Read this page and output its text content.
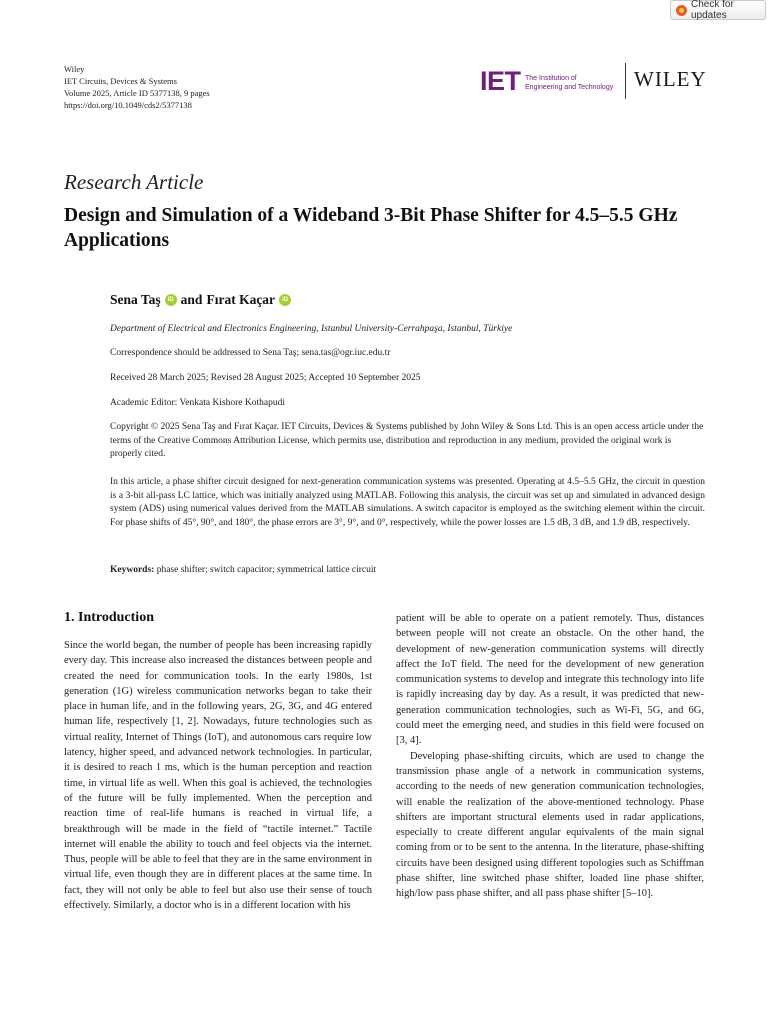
Check for updates
Wiley
IET Circuits, Devices & Systems
Volume 2025, Article ID 5377138, 9 pages
https://doi.org/10.1049/cds2/5377138
IET The Institution of
Engineering and Technology WILEY
Research Article
Design and Simulation of a Wideband 3-Bit Phase Shifter for 4.5–5.5 GHz Applications
Sena Taş	iD and Fırat Kaçar	iD
Department of Electrical and Electronics Engineering, Istanbul University-Cerrahpaşa, Istanbul, Türkiye
Correspondence should be addressed to Sena Taş; sena.tas@ogr.iuc.edu.tr
Received 28 March 2025; Revised 28 August 2025; Accepted 10 September 2025
Academic Editor: Venkata Kishore Kothapudi
Copyright © 2025 Sena Taş and Fırat Kaçar. IET Circuits, Devices & Systems published by John Wiley & Sons Ltd. This is an open access article under the terms of the Creative Commons Attribution License, which permits use, distribution and reproduction in any medium, provided the original work is properly cited.
In this article, a phase shifter circuit designed for next-generation communication systems was presented. Operating at 4.5–5.5 GHz, the circuit in question is a 3-bit all-pass LC lattice, which was initially analyzed using MATLAB. Following this analysis, the circuit was set up and simulated in advanced design system (ADS) using numerical values derived from the MATLAB simulations. A switch capacitor is employed as the switching element within the circuit. For phase shifts of 45°, 90°, and 180°, the phase errors are 3°, 9°, and 0°, respectively, while the power losses are 1.5 dB, 3 dB, and 1.9 dB, respectively.
Keywords: phase shifter; switch capacitor; symmetrical lattice circuit
1. Introduction

Since the world began, the number of people has been increasing rapidly every day. This increase also increased the distances between people and created the need for communication tools. In the early 1980s, 1st generation (1G) wireless communication networks began to take their place in human life, and in the following years, 2G, 3G, and 4G entered human life, respectively [1, 2]. Nowadays, future technologies such as virtual reality, Internet of Things (IoT), and autonomous cars require low latency, higher speed, and advanced network technologies. In particular, it is desired to reach 1 ms, which is the human perception and reaction time, in virtual life as well. When this goal is achieved, the technologies of the future will be fully implemented. When the perception and reaction time of real-life humans is reached in virtual life, a breakthrough will be made in the field of “tactile internet.” Tactile internet will enable the ability to touch and feel objects via the internet. Thus, people will be able to feel that they are in the same environment in virtual life, even though they are in different places at the same time. In fact, they will not only be able to feel but also use their sense of touch effectively. Similarly, a doctor who is in a different location with his

patient will be able to operate on a patient remotely. Thus, distances between people will not create an obstacle. On the other hand, the development of new-generation communication systems will directly affect the IoT field. The need for the development of new generation communication systems to develop and integrate this technology into life is rapidly increasing day by day. As a result, it was predicted that new-generation communication technologies, such as Wi-Fi, 5G, and 6G, could meet the emerging need, and studies in this field were focused on [3, 4].

Developing phase-shifting circuits, which are used to change the transmission phase angle of a network in communication systems, according to the needs of new generation communication technologies, will enable the realization of the above-mentioned technology. Phase shifters are important structural elements used in radar applications, especially to create different angular equivalents of the main signal coming from or to be sent to the antenna. In the literature, phase-shifting circuits have been designed using different topologies such as Schiffman phase shifter, line switched phase shifter, loaded line phase shifter, high/low pass phase shifter, and all pass phase shifter [5–10].
